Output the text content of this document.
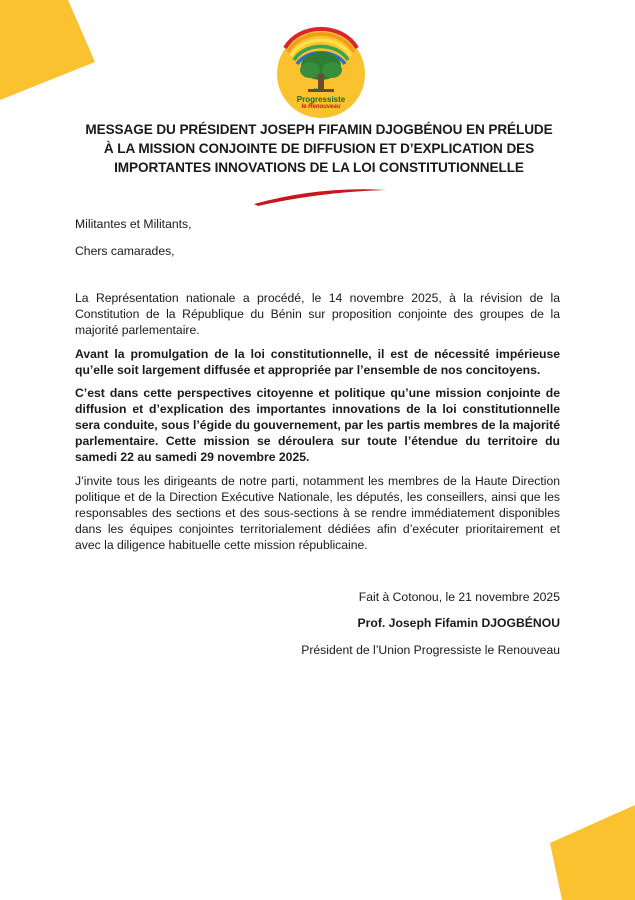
Union
Progressiste
le Renouveau
MESSAGE DU PRÉSIDENT JOSEPH FIFAMIN DJOGBÉNOU EN PRÉLUDE
À LA MISSION CONJOINTE DE DIFFUSION ET D’EXPLICATION DES
IMPORTANTES INNOVATIONS DE LA LOI CONSTITUTIONNELLE
Militantes et Militants,
Chers camarades,
La Représentation nationale a procédé, le 14 novembre 2025, à la révision de la Constitution de la République du Bénin sur proposition conjointe des groupes de la majorité parlementaire.
Avant la promulgation de la loi constitutionnelle, il est de nécessité impérieuse qu’elle soit largement diffusée et appropriée par l’ensemble de nos concitoyens.
C’est dans cette perspectives citoyenne et politique qu’une mission conjointe de diffusion et d’explication des importantes innovations de la loi constitutionnelle sera conduite, sous l’égide du gouvernement, par les partis membres de la majorité parlementaire. Cette mission se déroulera sur toute l’étendue du territoire du samedi 22 au samedi 29 novembre 2025.
J’invite tous les dirigeants de notre parti, notamment les membres de la Haute Direction politique et de la Direction Exécutive Nationale, les députés, les conseillers, ainsi que les responsables des sections et des sous-sections à se rendre immédiatement disponibles dans les équipes conjointes territorialement dédiées afin d’exécuter prioritairement et avec la diligence habituelle cette mission républicaine.
Fait à Cotonou, le 21 novembre 2025
Prof. Joseph Fifamin DJOGBÉNOU
Président de l’Union Progressiste le Renouveau
